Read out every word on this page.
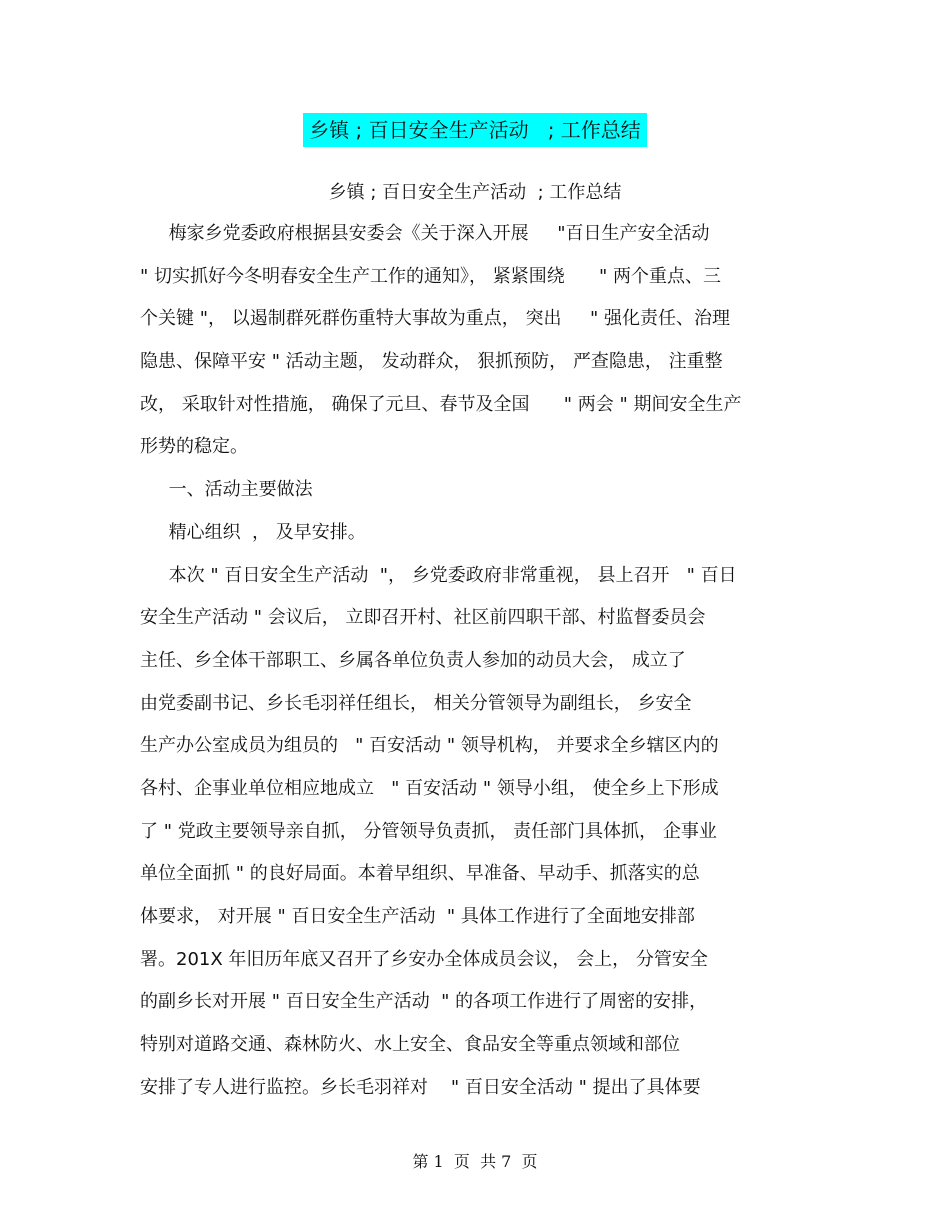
乡镇 ; 百日安全生产活动   ; 工作总结
乡镇 ; 百日安全生产活动  ; 工作总结
梅家乡党委政府根据县安委会《关于深入开展     "百日生产安全活动
" 切实抓好今冬明春安全生产工作的通知》， 紧紧围绕      " 两个重点、三
个关键 "， 以遏制群死群伤重特大事故为重点， 突出     " 强化责任、治理
隐患、保障平安 " 活动主题， 发动群众， 狠抓预防， 严查隐患， 注重整
改， 采取针对性措施， 确保了元旦、春节及全国      " 两会 " 期间安全生产
形势的稳定。
一、活动主要做法
精心组织  ， 及早安排。
本次 " 百日安全生产活动  "， 乡党委政府非常重视， 县上召开   " 百日
安全生产活动 " 会议后， 立即召开村、社区前四职干部、村监督委员会
主任、乡全体干部职工、乡属各单位负责人参加的动员大会， 成立了
由党委副书记、乡长毛羽祥任组长， 相关分管领导为副组长， 乡安全
生产办公室成员为组员的   " 百安活动 " 领导机构， 并要求全乡辖区内的
各村、企事业单位相应地成立   " 百安活动 " 领导小组， 使全乡上下形成
了 " 党政主要领导亲自抓， 分管领导负责抓， 责任部门具体抓， 企事业
单位全面抓 " 的良好局面。本着早组织、早准备、早动手、抓落实的总
体要求， 对开展 " 百日安全生产活动  " 具体工作进行了全面地安排部
署。201X 年旧历年底又召开了乡安办全体成员会议， 会上， 分管安全
的副乡长对开展 " 百日安全生产活动  " 的各项工作进行了周密的安排，
特别对道路交通、森林防火、水上安全、食品安全等重点领域和部位
安排了专人进行监控。乡长毛羽祥对    " 百日安全活动 " 提出了具体要
第 1  页  共 7  页
